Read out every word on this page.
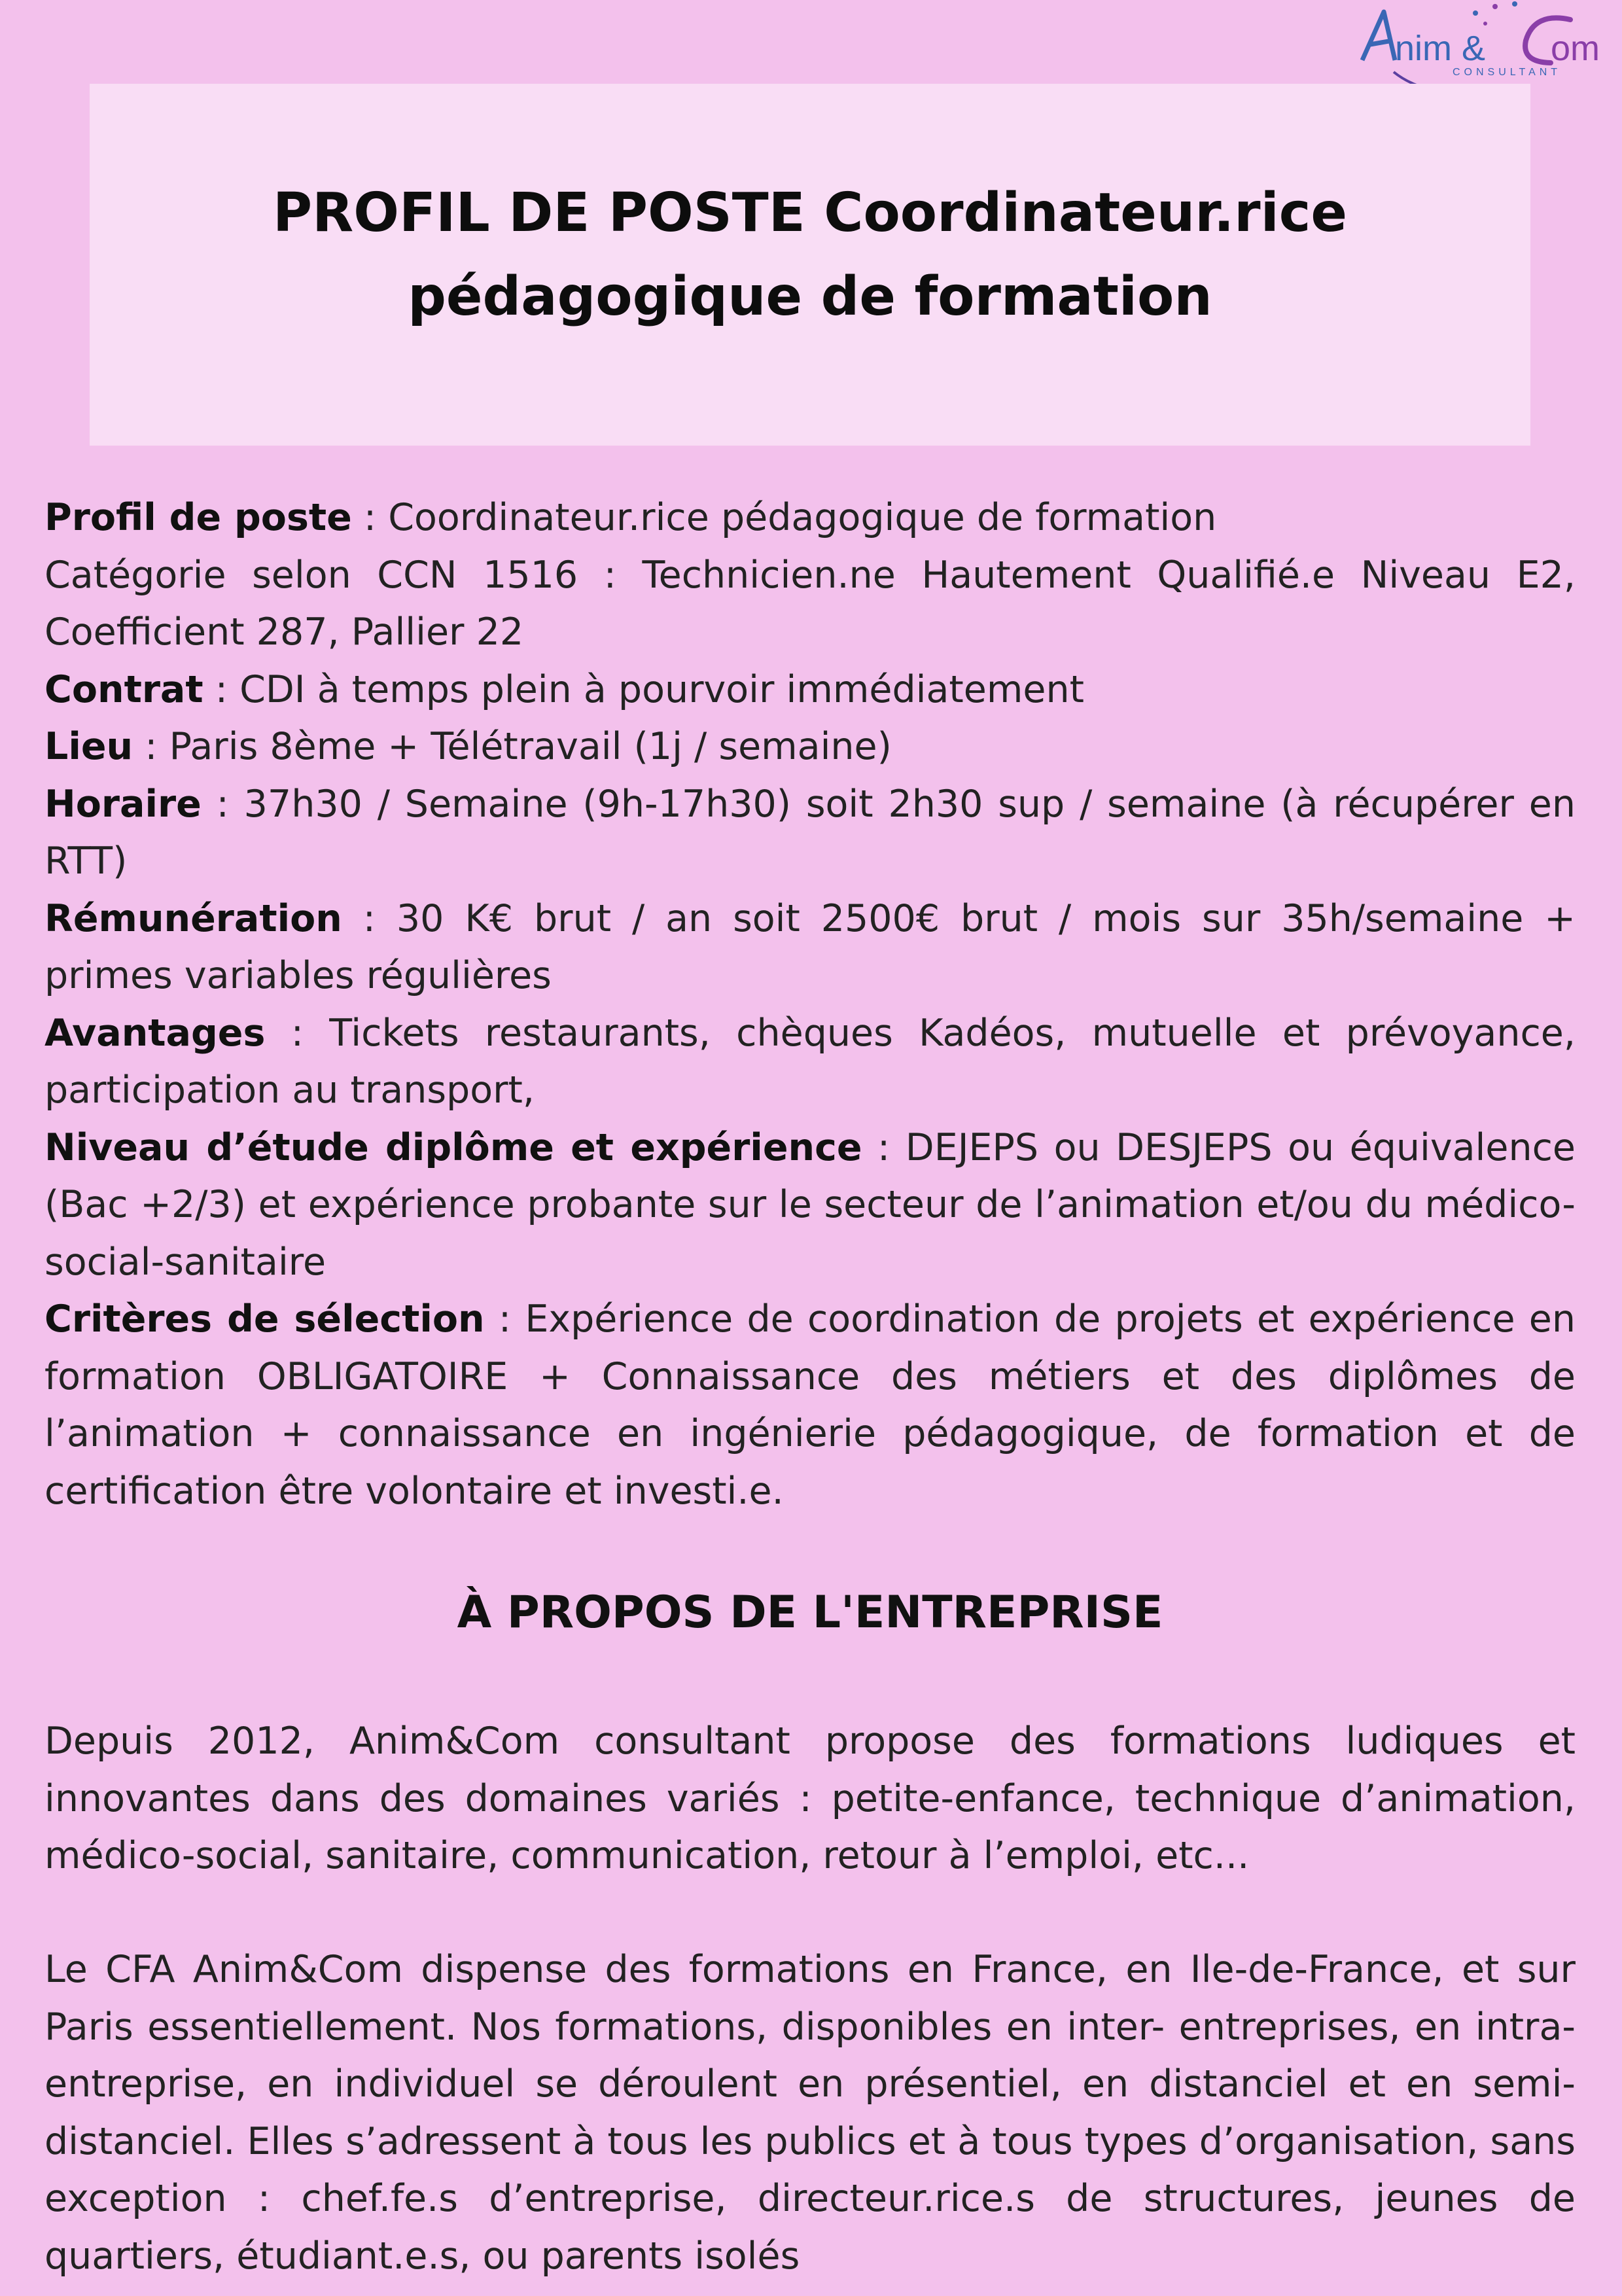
nim & om
CONSULTANT
PROFIL DE POSTE Coordinateur.rice
pédagogique de formation

Profil de poste : Coordinateur.rice pédagogique de formation

Catégorie selon CCN 1516 : Technicien.ne Hautement Qualifié.e Niveau E2, Coefficient 287, Pallier 22

Contrat : CDI à temps plein à pourvoir immédiatement

Lieu : Paris 8ème + Télétravail (1j / semaine)

Horaire : 37h30 / Semaine (9h-17h30) soit 2h30 sup / semaine (à récupérer en RTT)

Rémunération : 30 K€ brut / an soit 2500€ brut / mois sur 35h/semaine + primes variables régulières

Avantages : Tickets restaurants, chèques Kadéos, mutuelle et prévoyance, participation au transport,

Niveau d’étude diplôme et expérience : DEJEPS ou DESJEPS ou équivalence (Bac +2/3) et expérience probante sur le secteur de l’animation et/ou du médico-social-sanitaire

Critères de sélection : Expérience de coordination de projets et expérience en formation OBLIGATOIRE + Connaissance des métiers et des diplômes de l’animation + connaissance en ingénierie pédagogique, de formation et de certification être volontaire et investi.e.

À PROPOS DE L'ENTREPRISE

Depuis 2012, Anim&Com consultant propose des formations ludiques et innovantes dans des domaines variés : petite-enfance, technique d’animation, médico-social, sanitaire, communication, retour à l’emploi, etc...

Le CFA Anim&Com dispense des formations en France, en Ile-de-France, et sur Paris essentiellement. Nos formations, disponibles en inter- entreprises, en intra-entreprise, en individuel se déroulent en présentiel, en distanciel et en semi-distanciel. Elles s’adressent à tous les publics et à tous types d’organisation, sans exception : chef.fe.s d’entreprise, directeur.rice.s de structures, jeunes de quartiers, étudiant.e.s, ou parents isolés
